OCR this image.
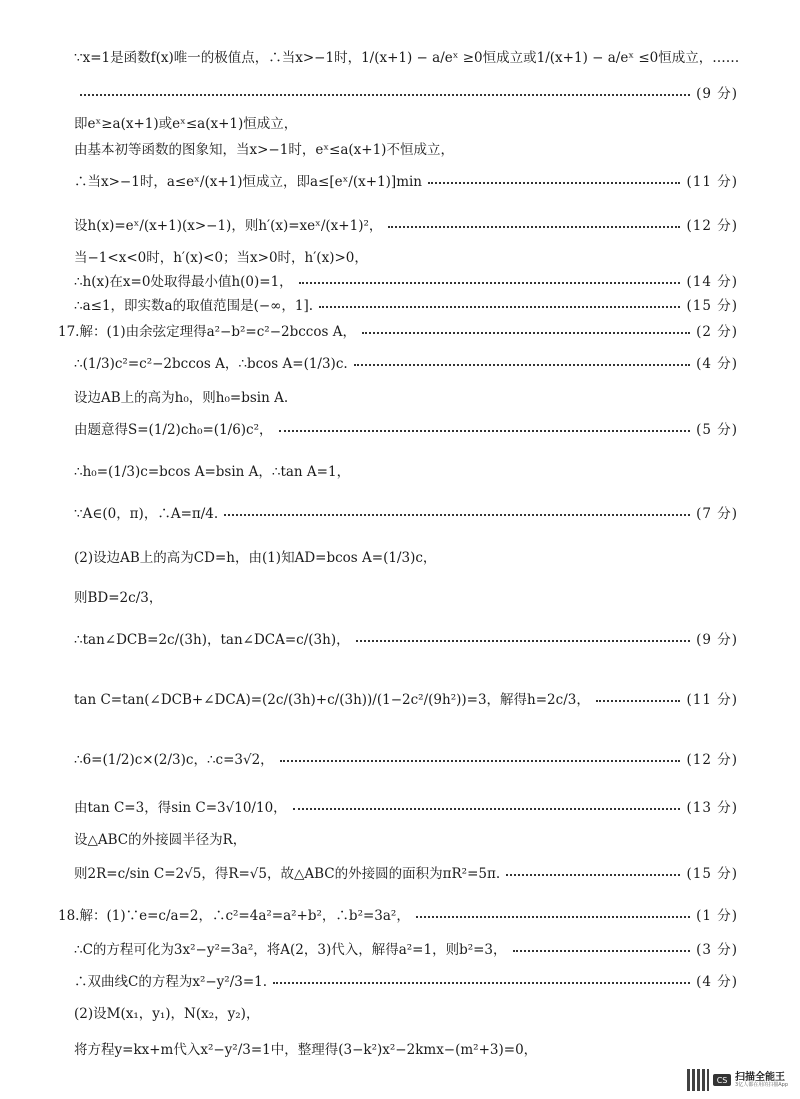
∵x=1是函数f(x)唯一的极值点，∴当x>−1时，1/(x+1) − a/eˣ ≥0恒成立或1/(x+1) − a/eˣ ≤0恒成立，……
(9 分)
即eˣ≥a(x+1)或eˣ≤a(x+1)恒成立，
由基本初等函数的图象知，当x>−1时，eˣ≤a(x+1)不恒成立，
∴当x>−1时，a≤eˣ/(x+1)恒成立，即a≤[eˣ/(x+1)]min	(11 分)
设h(x)=eˣ/(x+1)(x>−1)，则h′(x)=xeˣ/(x+1)²，	(12 分)
当−1<x<0时，h′(x)<0；当x>0时，h′(x)>0，
∴h(x)在x=0处取得最小值h(0)=1，	(14 分)
∴a≤1，即实数a的取值范围是(−∞，1].	(15 分)
17.解：(1)由余弦定理得a²−b²=c²−2bccos A，	(2 分)
∴(1/3)c²=c²−2bccos A，∴bcos A=(1/3)c.	(4 分)
设边AB上的高为h₀，则h₀=bsin A.
由题意得S=(1/2)ch₀=(1/6)c²，	(5 分)
∴h₀=(1/3)c=bcos A=bsin A，∴tan A=1，
∵A∈(0，π)，∴A=π/4.	(7 分)
(2)设边AB上的高为CD=h，由(1)知AD=bcos A=(1/3)c，
则BD=2c/3，
∴tan∠DCB=2c/(3h)，tan∠DCA=c/(3h)，	(9 分)
tan C=tan(∠DCB+∠DCA)=(2c/(3h)+c/(3h))/(1−2c²/(9h²))=3，解得h=2c/3，	(11 分)
∴6=(1/2)c×(2/3)c，∴c=3√2，	(12 分)
由tan C=3，得sin C=3√10/10，	(13 分)
设△ABC的外接圆半径为R，
则2R=c/sin C=2√5，得R=√5，故△ABC的外接圆的面积为πR²=5π.	(15 分)
18.解：(1)∵e=c/a=2，∴c²=4a²=a²+b²，∴b²=3a²，	(1 分)
∴C的方程可化为3x²−y²=3a²，将A(2，3)代入，解得a²=1，则b²=3，	(3 分)
∴双曲线C的方程为x²−y²/3=1.	(4 分)
(2)设M(x₁，y₁)，N(x₂，y₂)，
将方程y=kx+m代入x²−y²/3=1中，整理得(3−k²)x²−2kmx−(m²+3)=0，
CS 扫描全能王
3亿人都在用的扫描App
